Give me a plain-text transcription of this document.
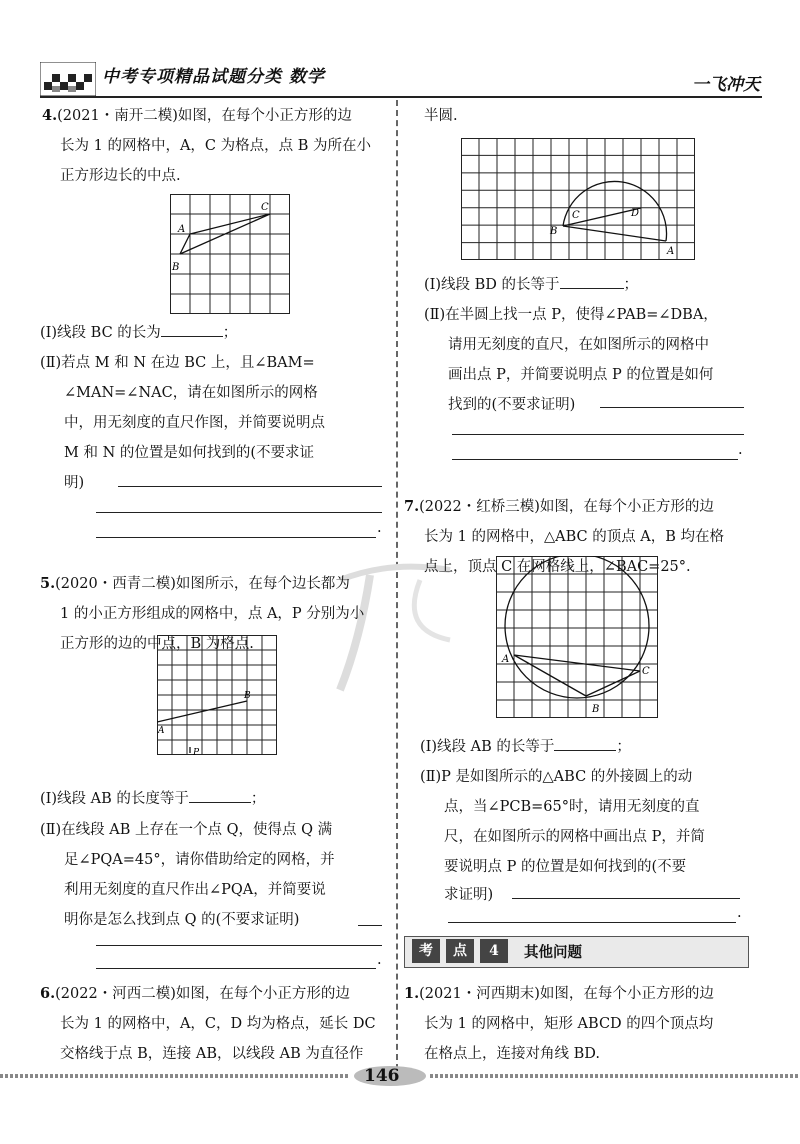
中考专项精品试题分类 数学	一飞冲天
4.(2021・南开二模)如图，在每个小正方形的边
长为 1 的网格中，A，C 为格点，点 B 为所在小
正方形边长的中点.
A
B
C
(Ⅰ)线段 BC 的长为	；
(Ⅱ)若点 M 和 N 在边 BC 上，且∠BAM=
∠MAN=∠NAC，请在如图所示的网格
中，用无刻度的直尺作图，并简要说明点
M 和 N 的位置是如何找到的(不要求证
明)
.
5.(2020・西青二模)如图所示，在每个边长都为
1 的小正方形组成的网格中，点 A，P 分别为小
正方形的边的中点，B 为格点.
A
B
P
(Ⅰ)线段 AB 的长度等于	；
(Ⅱ)在线段 AB 上存在一个点 Q，使得点 Q 满
足∠PQA=45°，请你借助给定的网格，并
利用无刻度的直尺作出∠PQA，并简要说
明你是怎么找到点 Q 的(不要求证明)
.
6.(2022・河西二模)如图，在每个小正方形的边
长为 1 的网格中，A，C，D 均为格点，延长 DC
交格线于点 B，连接 AB，以线段 AB 为直径作
半圆.
B
C	D
A
(Ⅰ)线段 BD 的长等于	；
(Ⅱ)在半圆上找一点 P，使得∠PAB=∠DBA，
请用无刻度的直尺，在如图所示的网格中
画出点 P，并简要说明点 P 的位置是如何
找到的(不要求证明)
.
7.(2022・红桥三模)如图，在每个小正方形的边
长为 1 的网格中，△ABC 的顶点 A，B 均在格
点上，顶点 C 在网格线上，∠BAC=25°.
A
B
C
(Ⅰ)线段 AB 的长等于	；
(Ⅱ)P 是如图所示的△ABC 的外接圆上的动
点，当∠PCB=65°时，请用无刻度的直
尺，在如图所示的网格中画出点 P，并简
要说明点 P 的位置是如何找到的(不要
求证明)
.
考	点	4	其他问题
1.(2021・河西期末)如图，在每个小正方形的边
长为 1 的网格中，矩形 ABCD 的四个顶点均
在格点上，连接对角线 BD.
146
